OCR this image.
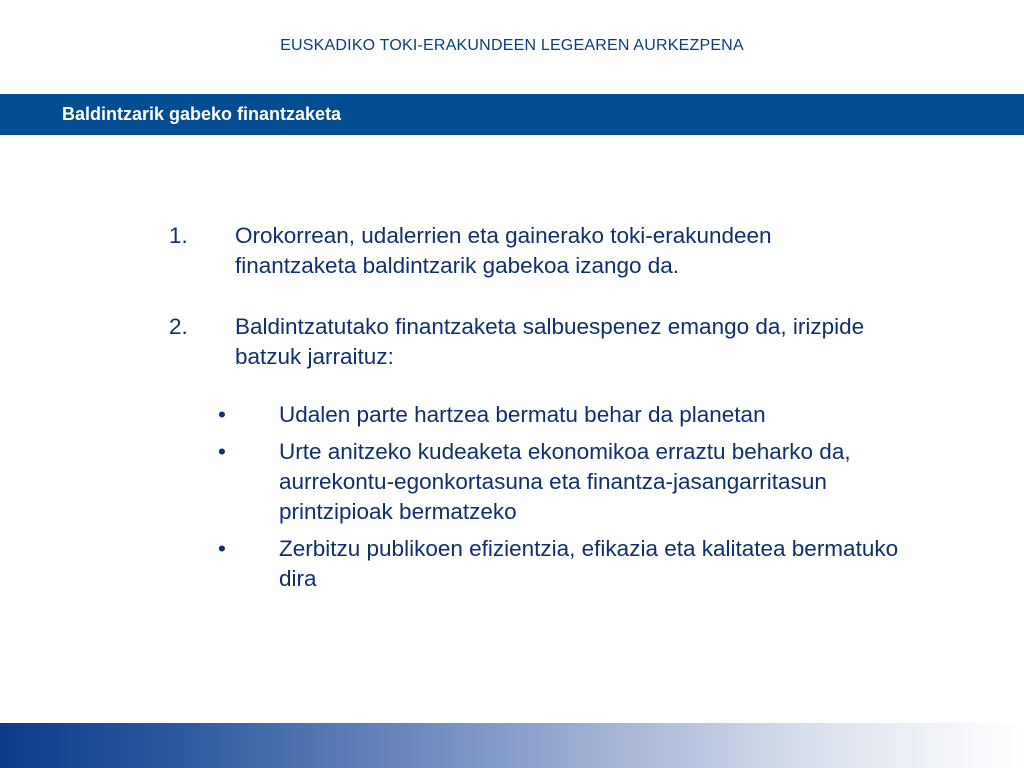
EUSKADIKO TOKI-ERAKUNDEEN LEGEAREN AURKEZPENA
Baldintzarik gabeko finantzaketa
1. Orokorrean, udalerrien eta gainerako toki-erakundeen finantzaketa baldintzarik gabekoa izango da.
2. Baldintzatutako finantzaketa salbuespenez emango da, irizpide batzuk jarraituz:
• Udalen parte hartzea bermatu behar da planetan
• Urte anitzeko kudeaketa ekonomikoa erraztu beharko da, aurrekontu-egonkortasuna eta finantza-jasangarritasun printzipioak bermatzeko
• Zerbitzu publikoen efizientzia, efikazia eta kalitatea bermatuko dira
